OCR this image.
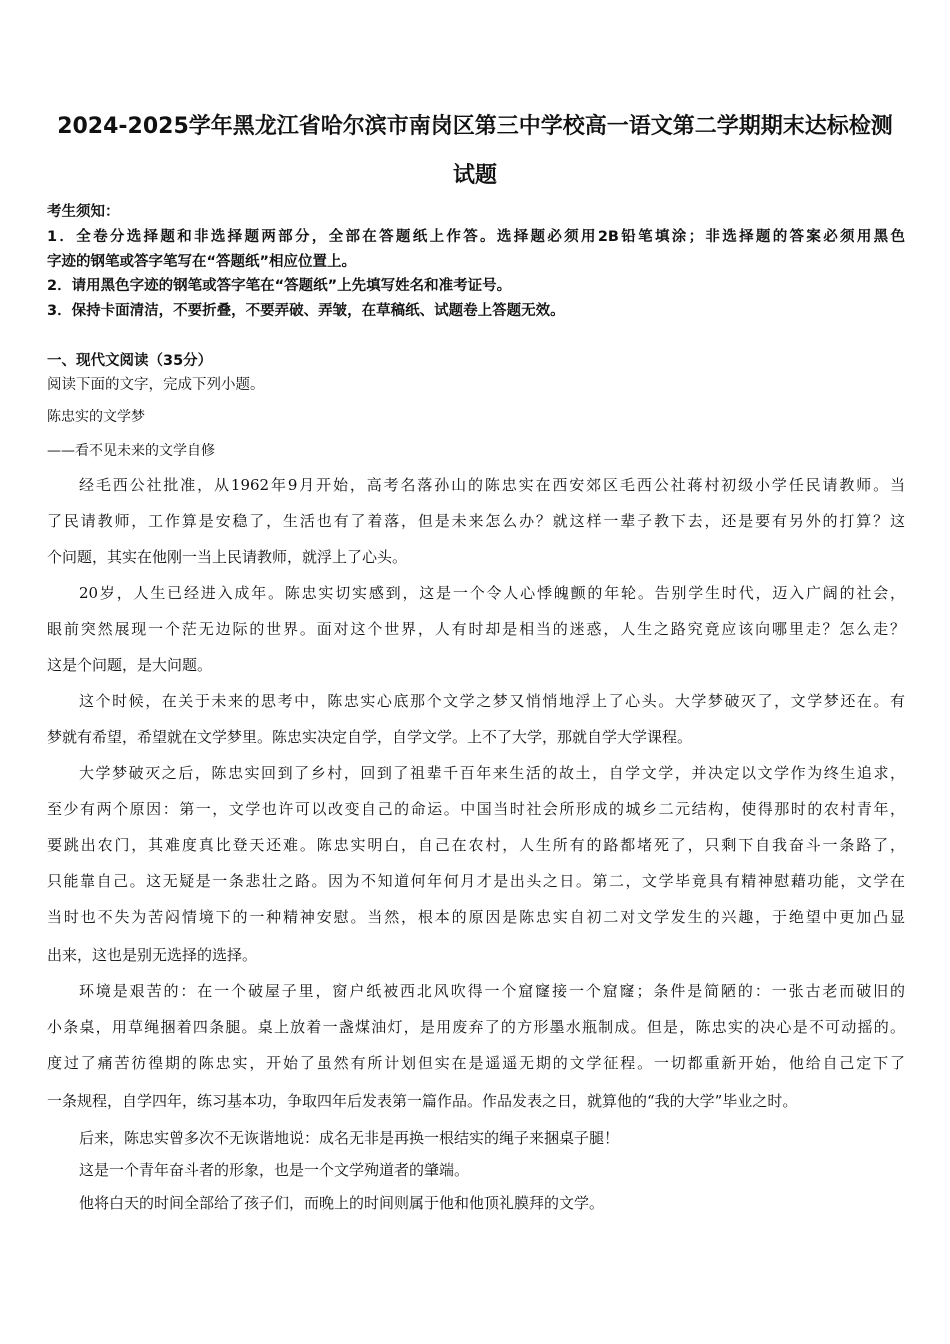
2024-2025学年黑龙江省哈尔滨市南岗区第三中学校高一语文第二学期期末达标检测
试题
考生须知：
1．全卷分选择题和非选择题两部分，全部在答题纸上作答。选择题必须用2B铅笔填涂；非选择题的答案必须用黑色
字迹的钢笔或答字笔写在“答题纸”相应位置上。
2．请用黑色字迹的钢笔或答字笔在“答题纸”上先填写姓名和准考证号。
3．保持卡面清洁，不要折叠，不要弄破、弄皱，在草稿纸、试题卷上答题无效。
一、现代文阅读（35分）
阅读下面的文字，完成下列小题。
陈忠实的文学梦
——看不见未来的文学自修
经毛西公社批准，从1962年9月开始，高考名落孙山的陈忠实在西安郊区毛西公社蒋村初级小学任民请教师。当
了民请教师，工作算是安稳了，生活也有了着落，但是未来怎么办？就这样一辈子教下去，还是要有另外的打算？这
个问题，其实在他刚一当上民请教师，就浮上了心头。
20岁，人生已经进入成年。陈忠实切实感到，这是一个令人心悸魄颤的年轮。告别学生时代，迈入广阔的社会，
眼前突然展现一个茫无边际的世界。面对这个世界，人有时却是相当的迷惑，人生之路究竟应该向哪里走？怎么走？
这是个问题，是大问题。
这个时候，在关于未来的思考中，陈忠实心底那个文学之梦又悄悄地浮上了心头。大学梦破灭了，文学梦还在。有
梦就有希望，希望就在文学梦里。陈忠实决定自学，自学文学。上不了大学，那就自学大学课程。
大学梦破灭之后，陈忠实回到了乡村，回到了祖辈千百年来生活的故土，自学文学，并决定以文学作为终生追求，
至少有两个原因：第一，文学也许可以改变自己的命运。中国当时社会所形成的城乡二元结构，使得那时的农村青年，
要跳出农门，其难度真比登天还难。陈忠实明白，自己在农村，人生所有的路都堵死了，只剩下自我奋斗一条路了，
只能靠自己。这无疑是一条悲壮之路。因为不知道何年何月才是出头之日。第二，文学毕竟具有精神慰藉功能，文学在
当时也不失为苦闷情境下的一种精神安慰。当然，根本的原因是陈忠实自初二对文学发生的兴趣，于绝望中更加凸显
出来，这也是别无选择的选择。
环境是艰苦的：在一个破屋子里，窗户纸被西北风吹得一个窟窿接一个窟窿；条件是简陋的：一张古老而破旧的
小条桌，用草绳捆着四条腿。桌上放着一盏煤油灯，是用废弃了的方形墨水瓶制成。但是，陈忠实的决心是不可动摇的。
度过了痛苦彷徨期的陈忠实，开始了虽然有所计划但实在是遥遥无期的文学征程。一切都重新开始，他给自己定下了
一条规程，自学四年，练习基本功，争取四年后发表第一篇作品。作品发表之日，就算他的“我的大学”毕业之时。
后来，陈忠实曾多次不无诙谐地说：成名无非是再换一根结实的绳子来捆桌子腿！
这是一个青年奋斗者的形象，也是一个文学殉道者的肇端。
他将白天的时间全部给了孩子们，而晚上的时间则属于他和他顶礼膜拜的文学。
